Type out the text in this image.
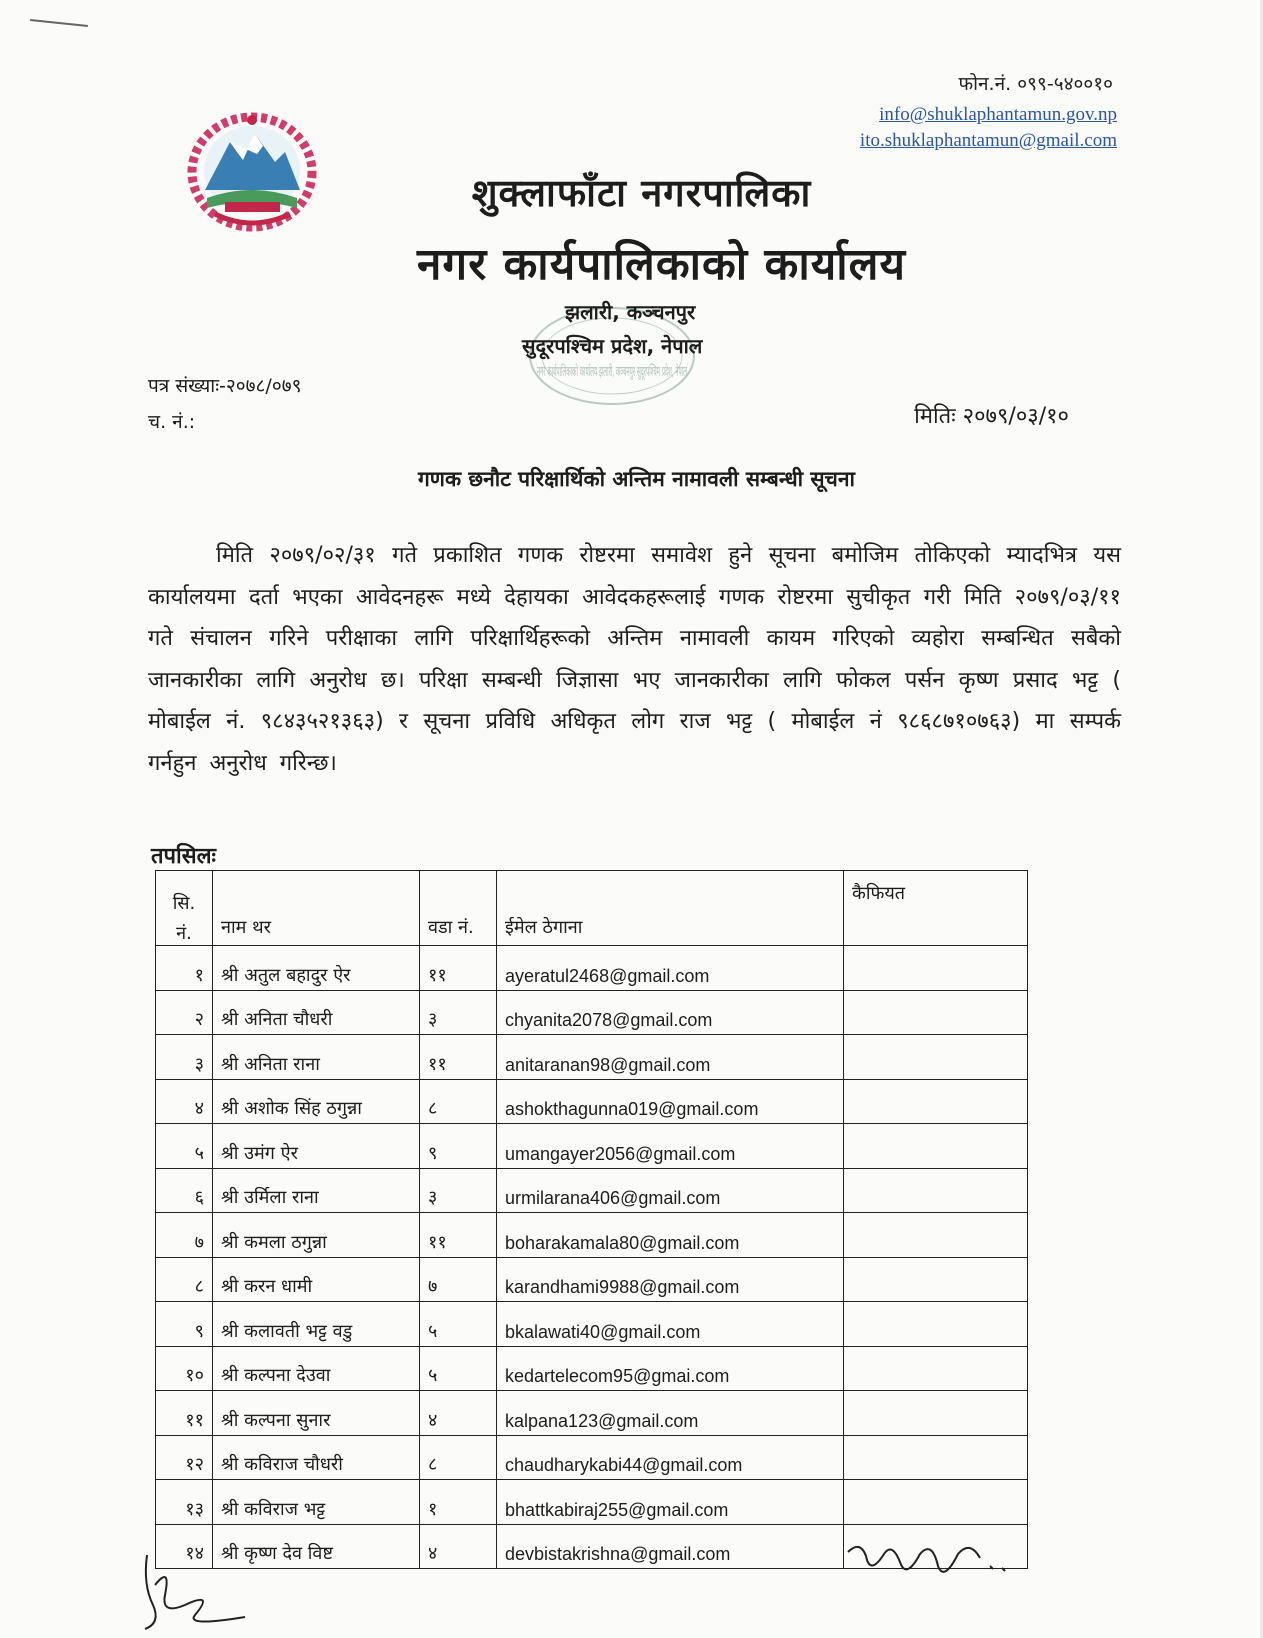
फोन.नं. ०९९-५४००१०
info@shuklaphantamun.gov.np
ito.shuklaphantamun@gmail.com
शुक्लाफाँटा नगरपालिका
नगर कार्यपालिकाको कार्यालय
नगर कार्यपालिकाको कार्यालय झलारी, कञ्चनपुर सुदूरपश्चिम प्रदेश, नेपाल
झलारी, कञ्चनपुर
सुदूरपश्चिम प्रदेश, नेपाल
पत्र संख्याः-२०७८/०७९
च. नं.:	मितिः २०७९/०३/१०
गणक छनौट परिक्षार्थिको अन्तिम नामावली सम्बन्धी सूचना
मिति २०७९/०२/३१ गते प्रकाशित गणक रोष्टरमा समावेश हुने सूचना बमोजिम तोकिएको म्यादभित्र यस कार्यालयमा दर्ता भएका आवेदनहरू मध्ये देहायका आवेदकहरूलाई गणक रोष्टरमा सुचीकृत गरी मिति २०७९/०३/११ गते संचालन गरिने परीक्षाका लागि परिक्षार्थिहरूको अन्तिम नामावली कायम गरिएको व्यहोरा सम्बन्धित सबैको जानकारीका लागि अनुरोध छ। परिक्षा सम्बन्धी जिज्ञासा भए जानकारीका लागि फोकल पर्सन कृष्ण प्रसाद भट्ट ( मोबाईल नं. ९८४३५२१३६३) र सूचना प्रविधि अधिकृत लोग राज भट्ट ( मोबाईल नं ९८६८७१०७६३) मा सम्पर्क गर्नहुन अनुरोध गरिन्छ।
तपसिलः
सि.
नं.	नाम थर	वडा नं.	ईमेल ठेगाना	कैफियत
१	श्री अतुल बहादुर ऐर	११	ayeratul2468@gmail.com	
२	श्री अनिता चौधरी	३	chyanita2078@gmail.com	
३	श्री अनिता राना	११	anitaranan98@gmail.com	
४	श्री अशोक सिंह ठगुन्ना	८	ashokthagunna019@gmail.com	
५	श्री उमंग ऐर	९	umangayer2056@gmail.com	
६	श्री उर्मिला राना	३	urmilarana406@gmail.com	
७	श्री कमला ठगुन्ना	११	boharakamala80@gmail.com	
८	श्री करन धामी	७	karandhami9988@gmail.com	
९	श्री कलावती भट्ट वडु	५	bkalawati40@gmail.com	
१०	श्री कल्पना देउवा	५	kedartelecom95@gmai.com	
११	श्री कल्पना सुनार	४	kalpana123@gmail.com	
१२	श्री कविराज चौधरी	८	chaudharykabi44@gmail.com	
१३	श्री कविराज भट्ट	१	bhattkabiraj255@gmail.com	
१४	श्री कृष्ण देव विष्ट	४	devbistakrishna@gmail.com	
